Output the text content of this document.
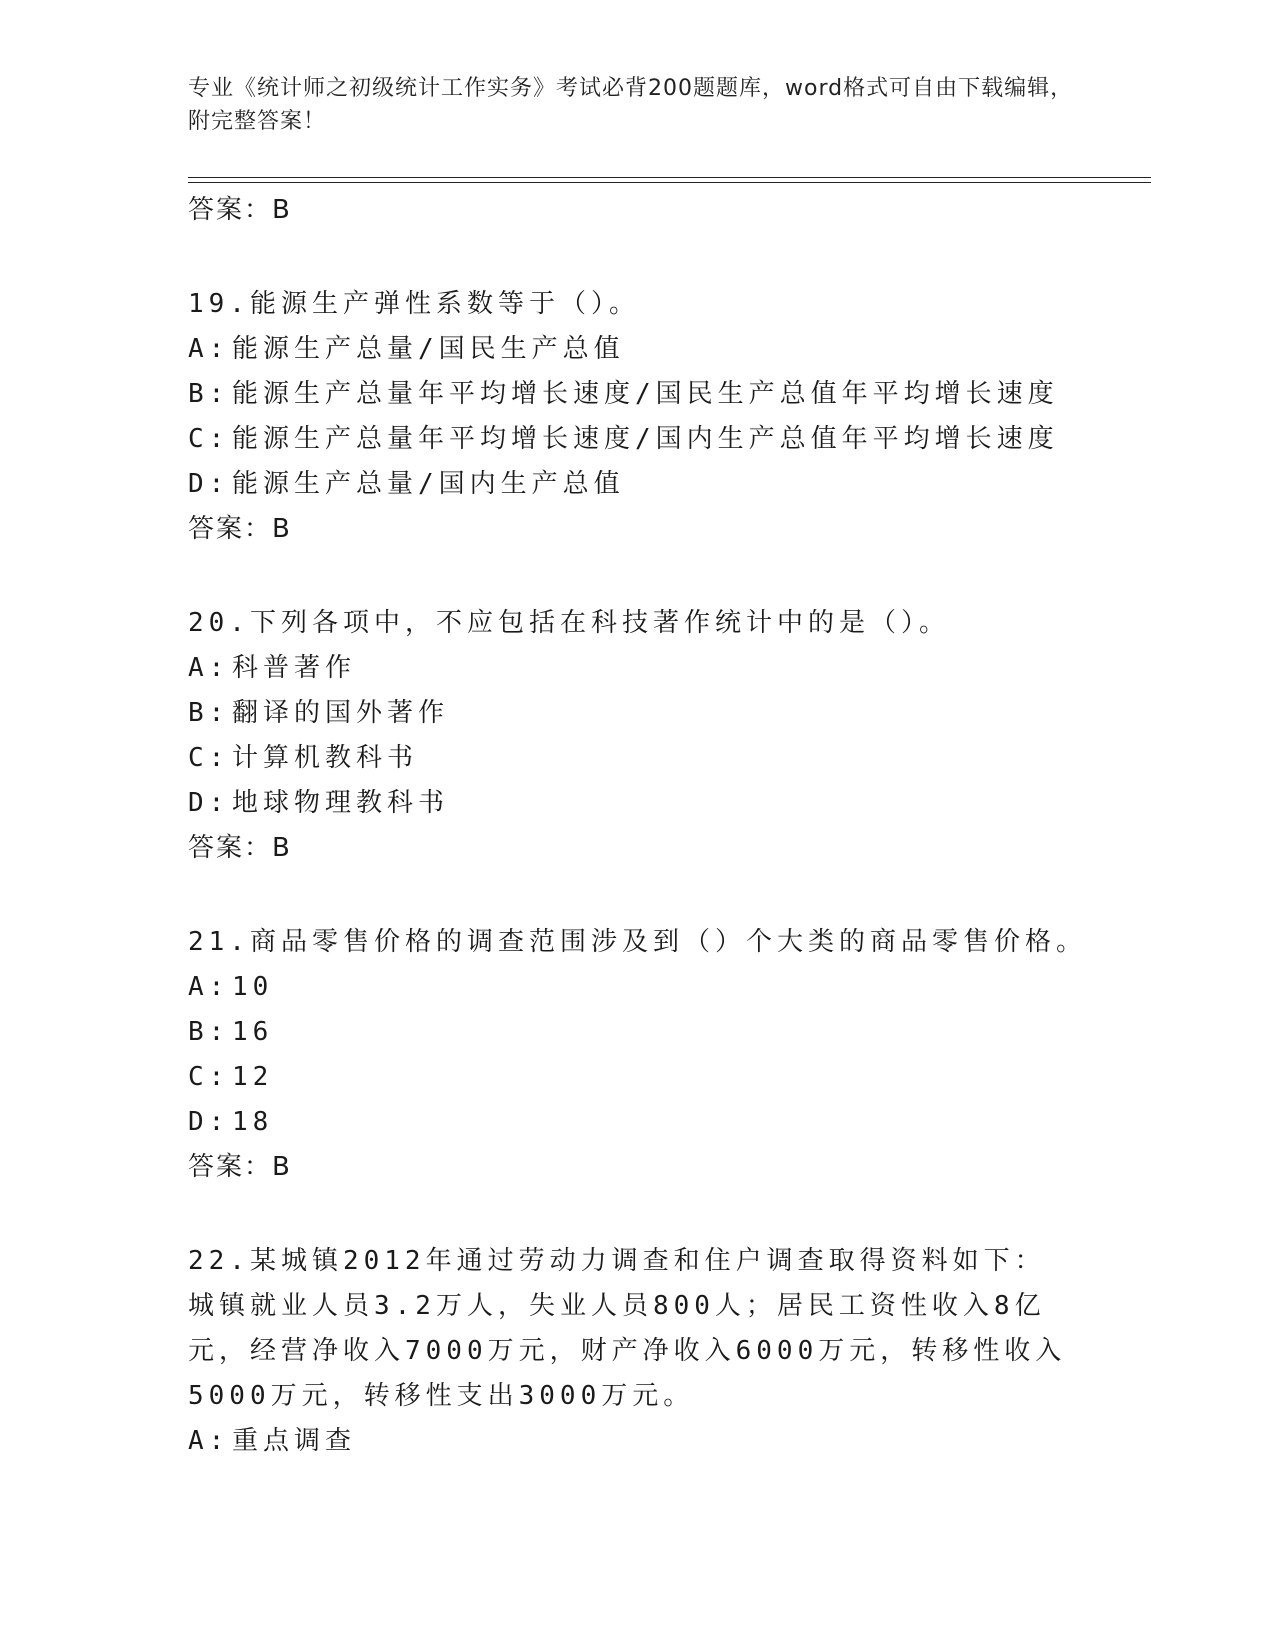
专业《统计师之初级统计工作实务》考试必背200题题库，word格式可自由下载编辑，附完整答案！
答案：B
19.能源生产弹性系数等于（）。
A: 能源生产总量/国民生产总值
B: 能源生产总量年平均增长速度/国民生产总值年平均增长速度
C: 能源生产总量年平均增长速度/国内生产总值年平均增长速度
D: 能源生产总量/国内生产总值
答案：B
20.下列各项中，不应包括在科技著作统计中的是（）。
A: 科普著作
B: 翻译的国外著作
C: 计算机教科书
D: 地球物理教科书
答案：B
21.商品零售价格的调查范围涉及到（）个大类的商品零售价格。
A: 10
B: 16
C: 12
D: 18
答案：B
22.某城镇2012年通过劳动力调查和住户调查取得资料如下：城镇就业人员3.2万人，失业人员800人；居民工资性收入8亿元，经营净收入7000万元，财产净收入6000万元，转移性收入5000万元，转移性支出3000万元。
A: 重点调查
